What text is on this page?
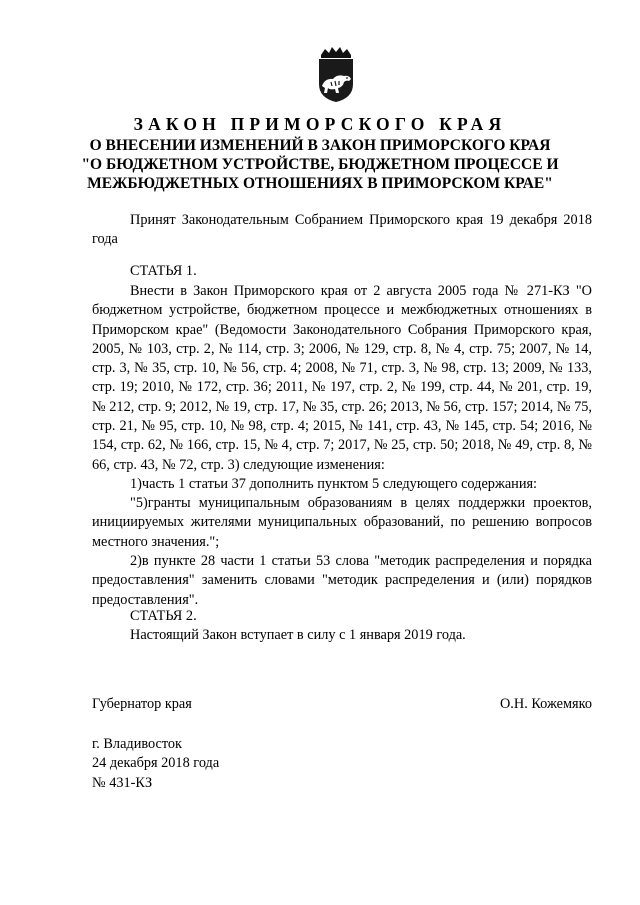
ЗАКОН ПРИМОРСКОГО КРАЯ
О ВНЕСЕНИИ ИЗМЕНЕНИЙ В ЗАКОН ПРИМОРСКОГО КРАЯ
"О БЮДЖЕТНОМ УСТРОЙСТВЕ, БЮДЖЕТНОМ ПРОЦЕССЕ И
МЕЖБЮДЖЕТНЫХ ОТНОШЕНИЯХ В ПРИМОРСКОМ КРАЕ"
Принят Законодательным Собранием Приморского края 19 декабря 2018 года
СТАТЬЯ 1.
Внести в Закон Приморского края от 2 августа 2005 года № 271-КЗ "О бюджетном устройстве, бюджетном процессе и межбюджетных отношениях в Приморском крае" (Ведомости Законодательного Собрания Приморского края, 2005, № 103, стр. 2, № 114, стр. 3; 2006, № 129, стр. 8, № 4, стр. 75; 2007, № 14, стр. 3, № 35, стр. 10, № 56, стр. 4; 2008, № 71, стр. 3, № 98, стр. 13; 2009, № 133, стр. 19; 2010, № 172, стр. 36; 2011, № 197, стр. 2, № 199, стр. 44, № 201, стр. 19, № 212, стр. 9; 2012, № 19, стр. 17, № 35, стр. 26; 2013, № 56, стр. 157; 2014, № 75, стр. 21, № 95, стр. 10, № 98, стр. 4; 2015, № 141, стр. 43, № 145, стр. 54; 2016, № 154, стр. 62, № 166, стр. 15, № 4, стр. 7; 2017, № 25, стр. 50; 2018, № 49, стр. 8, № 66, стр. 43, № 72, стр. 3) следующие изменения:
1)часть 1 статьи 37 дополнить пунктом 5 следующего содержания:
"5)гранты муниципальным образованиям в целях поддержки проектов, инициируемых жителями муниципальных образований, по решению вопросов местного значения.";
2)в пункте 28 части 1 статьи 53 слова "методик распределения и порядка предоставления" заменить словами "методик распределения и (или) порядков предоставления".
СТАТЬЯ 2.
Настоящий Закон вступает в силу с 1 января 2019 года.
Губернатор края	О.Н. Кожемяко
г. Владивосток
24 декабря 2018 года
№ 431-КЗ
